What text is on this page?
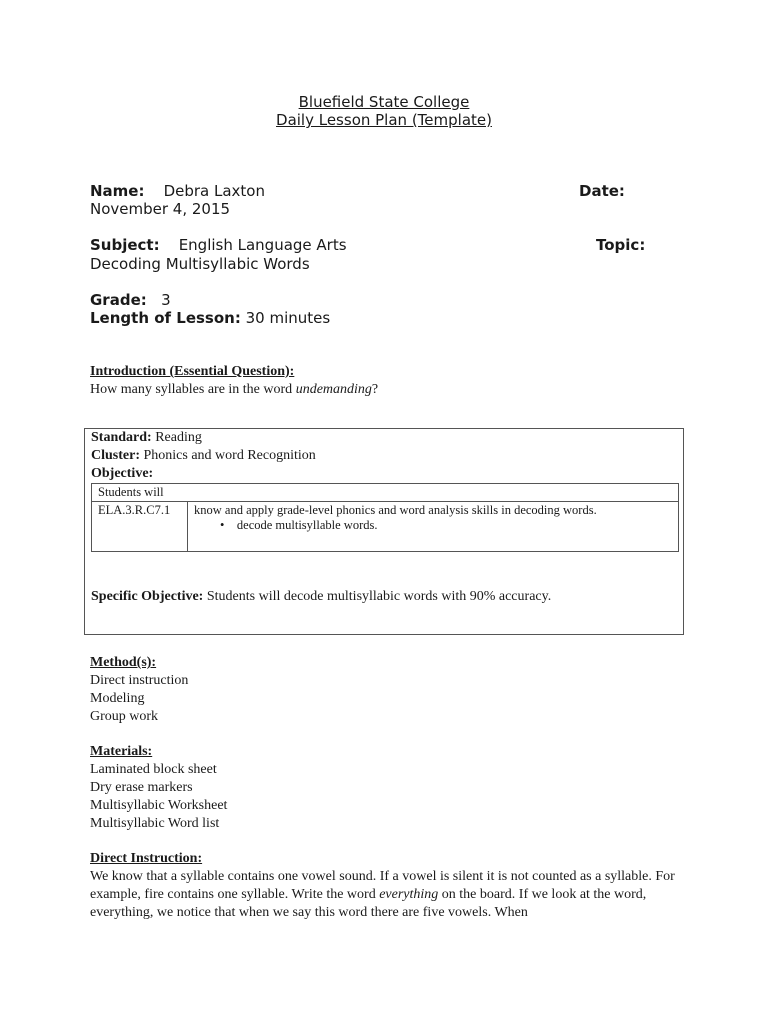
Bluefield State College
Daily Lesson Plan (Template)
Name: Debra Laxton	Date:
November 4, 2015
Subject: English Language Arts	Topic:
Decoding Multisyllabic Words
Grade: 3
Length of Lesson: 30 minutes
Introduction (Essential Question):
How many syllables are in the word undemanding?
Standard: Reading
Cluster: Phonics and word Recognition
Objective:
Students will
ELA.3.R.C7.1	know and apply grade-level phonics and word analysis skills in decoding words.
• decode multisyllable words.
Specific Objective: Students will decode multisyllabic words with 90% accuracy.
Method(s):
Direct instruction
Modeling
Group work
Materials:
Laminated block sheet
Dry erase markers
Multisyllabic Worksheet
Multisyllabic Word list
Direct Instruction:
We know that a syllable contains one vowel sound. If a vowel is silent it is not counted as a syllable. For example, fire contains one syllable. Write the word everything on the board. If we look at the word, everything, we notice that when we say this word there are five vowels. When
